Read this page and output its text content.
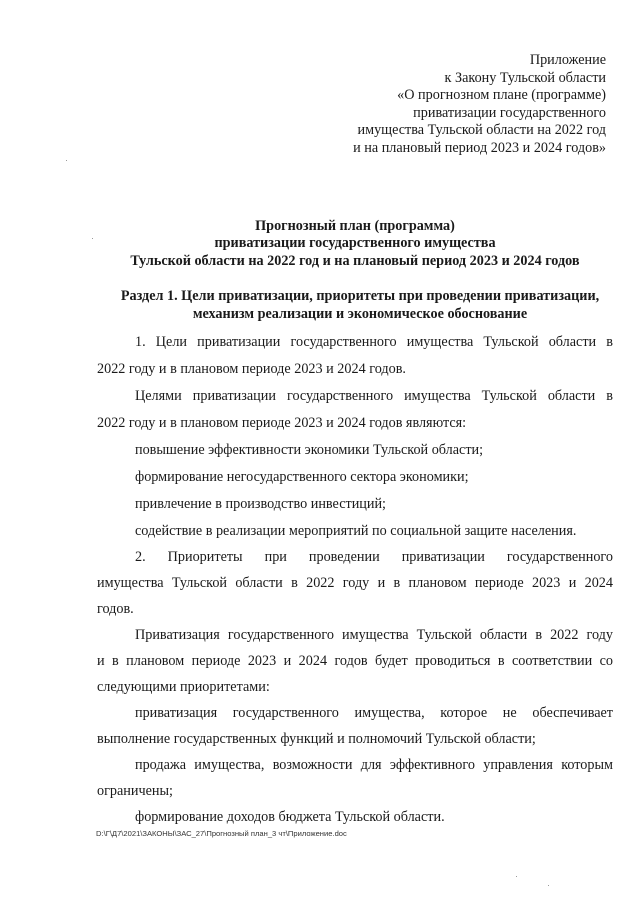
Приложение
к Закону Тульской области
«О прогнозном плане (программе)
приватизации государственного
имущества Тульской области на 2022 год
и на плановый период 2023 и 2024 годов»
Прогнозный план (программа)
приватизации государственного имущества
Тульской области на 2022 год и на плановый период 2023 и 2024 годов
Раздел 1. Цели приватизации, приоритеты при проведении приватизации,
механизм реализации и экономическое обоснование
1. Цели приватизации государственного имущества Тульской области в
2022 году и в плановом периоде 2023 и 2024 годов.
Целями приватизации государственного имущества Тульской области в
2022 году и в плановом периоде 2023 и 2024 годов являются:
повышение эффективности экономики Тульской области;
формирование негосударственного сектора экономики;
привлечение в производство инвестиций;
содействие в реализации мероприятий по социальной защите населения.
2. Приоритеты при проведении приватизации государственного
имущества Тульской области в 2022 году и в плановом периоде 2023 и 2024
годов.
Приватизация государственного имущества Тульской области в 2022 году
и в плановом периоде 2023 и 2024 годов будет проводиться в соответствии со
следующими приоритетами:
приватизация государственного имущества, которое не обеспечивает
выполнение государственных функций и полномочий Тульской области;
продажа имущества, возможности для эффективного управления которым
ограничены;
формирование доходов бюджета Тульской области.
D:\Г\Д7\2021\ЗАКОНЫ\ЗАС_27\Прогнозный план_3 чт\Приложение.doc
